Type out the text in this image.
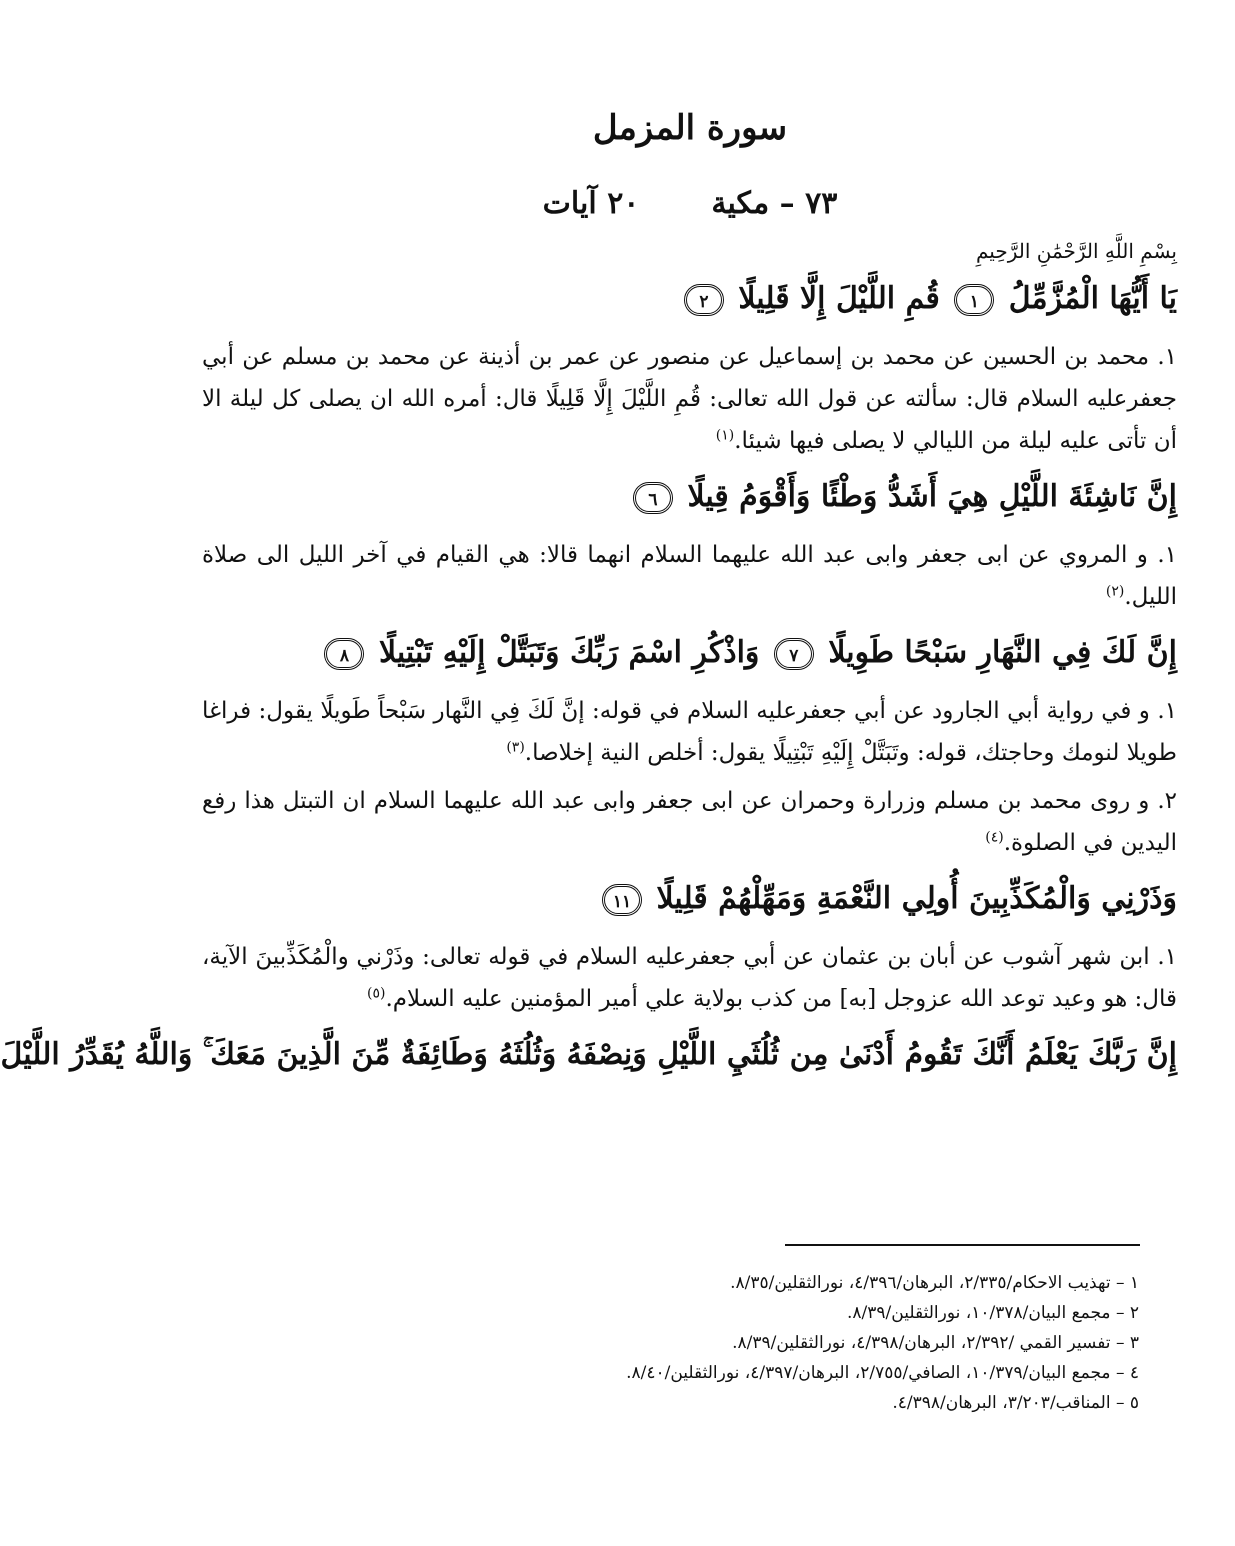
سورة المزمل
٧٣ – مكية
٢٠ آيات

بِسْمِ اللَّهِ الرَّحْمَٰنِ الرَّحِيمِ

يَا أَيُّهَا الْمُزَّمِّلُ ١ قُمِ اللَّيْلَ إِلَّا قَلِيلًا ٢

١. محمد بن الحسين عن محمد بن إسماعيل عن منصور عن عمر بن أذينة عن محمد بن مسلم عن أبي جعفرعليه السلام قال: سألته عن قول الله تعالى: قُمِ اللَّيْلَ إِلَّا قَلِيلًا قال: أمره الله ان يصلى كل ليلة الا أن تأتى عليه ليلة من الليالي لا يصلى فيها شيئا.$^{(١)}$

إِنَّ نَاشِئَةَ اللَّيْلِ هِيَ أَشَدُّ وَطْئًا وَأَقْوَمُ قِيلًا ٦

١. و المروي عن ابى جعفر وابى عبد الله عليهما السلام انهما قالا: هي القيام في آخر الليل الى صلاة الليل.$^{(٢)}$

إِنَّ لَكَ فِي النَّهَارِ سَبْحًا طَوِيلًا ٧ وَاذْكُرِ اسْمَ رَبِّكَ وَتَبَتَّلْ إِلَيْهِ تَبْتِيلًا ٨

١. و في رواية أبي الجارود عن أبي جعفرعليه السلام في قوله: إنَّ لَكَ فِي النَّهار سَبْحاً طَويلًا يقول: فراغا طويلا لنومك وحاجتك، قوله: وتَبَتَّلْ إِلَيْهِ تَبْتِيلًا يقول: أخلص النية إخلاصا.$^{(٣)}$

٢. و روى محمد بن مسلم وزرارة وحمران عن ابى جعفر وابى عبد الله عليهما السلام ان التبتل هذا رفع اليدين في الصلوة.$^{(٤)}$

وَذَرْنِي وَالْمُكَذِّبِينَ أُولِي النَّعْمَةِ وَمَهِّلْهُمْ قَلِيلًا ١١

١. ابن شهر آشوب عن أبان بن عثمان عن أبي جعفرعليه السلام في قوله تعالى: وذَرْني والْمُكَذِّبينَ الآية، قال: هو وعيد توعد الله عزوجل [به] من كذب بولاية علي أمير المؤمنين عليه السلام.$^{(٥)}$

إِنَّ رَبَّكَ يَعْلَمُ أَنَّكَ تَقُومُ أَدْنَىٰ مِن ثُلُثَيِ اللَّيْلِ وَنِصْفَهُ وَثُلُثَهُ وَطَائِفَةٌ مِّنَ الَّذِينَ مَعَكَ ۚ وَاللَّهُ يُقَدِّرُ اللَّيْلَ

١ – تهذيب الاحكام/٢/٣٣٥، البرهان/٤/٣٩٦، نورالثقلين/٨/٣٥.
٢ – مجمع البيان/١٠/٣٧٨، نورالثقلين/٨/٣٩.
٣ – تفسير القمي /٢/٣٩٢، البرهان/٤/٣٩٨، نورالثقلين/٨/٣٩.
٤ – مجمع البيان/١٠/٣٧٩، الصافي/٢/٧٥٥، البرهان/٤/٣٩٧، نورالثقلين/٨/٤٠.
٥ – المناقب/٣/٢٠٣، البرهان/٤/٣٩٨.
